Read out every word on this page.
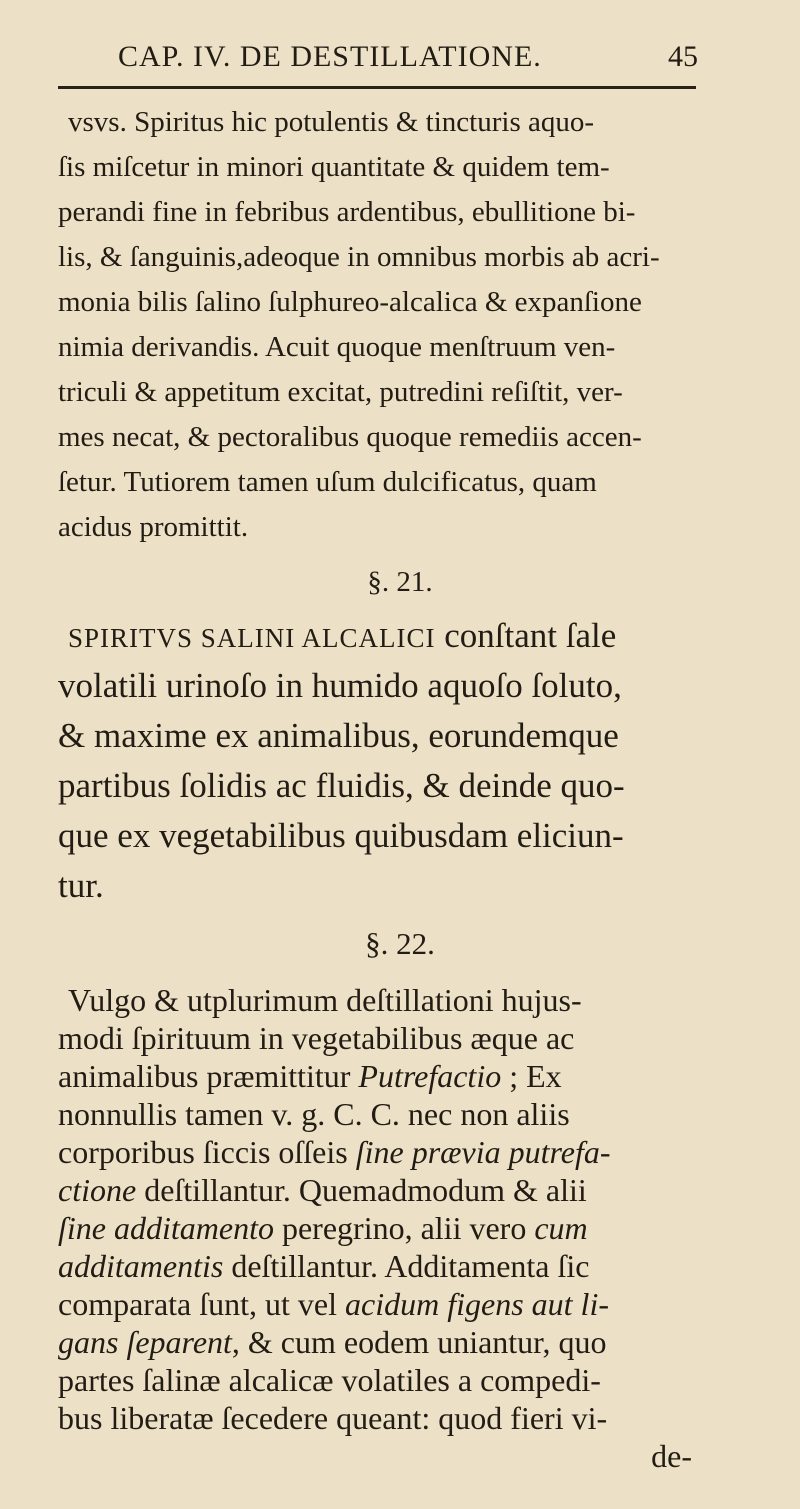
CAP. IV. DE DESTILLATIONE.	45
vsvs. Spiritus hic potulentis & tincturis aquo-
ſis miſcetur in minori quantitate & quidem tem-
perandi fine in febribus ardentibus, ebullitione bi-
lis, & ſanguinis,adeoque in omnibus morbis ab acri-
monia bilis ſalino ſulphureo-alcalica & expanſione
nimia derivandis. Acuit quoque menſtruum ven-
triculi & appetitum excitat, putredini reſiſtit, ver-
mes necat, & pectoralibus quoque remediis accen-
ſetur. Tutiorem tamen uſum dulcificatus, quam
acidus promittit.
§. 21.
SPIRITVS SALINI ALCALICI conſtant ſale
volatili urinoſo in humido aquoſo ſoluto,
& maxime ex animalibus, eorundemque
partibus ſolidis ac fluidis, & deinde quo-
que ex vegetabilibus quibusdam eliciun-
tur.
§. 22.
Vulgo & utplurimum deſtillationi hujus-
modi ſpirituum in vegetabilibus æque ac
animalibus præmittitur Putrefactio ; Ex
nonnullis tamen v. g. C. C. nec non aliis
corporibus ſiccis oſſeis ſine prævia putrefa-
ctione deſtillantur. Quemadmodum & alii
ſine additamento peregrino, alii vero cum
additamentis deſtillantur. Additamenta ſic
comparata ſunt, ut vel acidum figens aut li-
gans ſeparent, & cum eodem uniantur, quo
partes ſalinæ alcalicæ volatiles a compedi-
bus liberatæ ſecedere queant: quod fieri vi-
de-
